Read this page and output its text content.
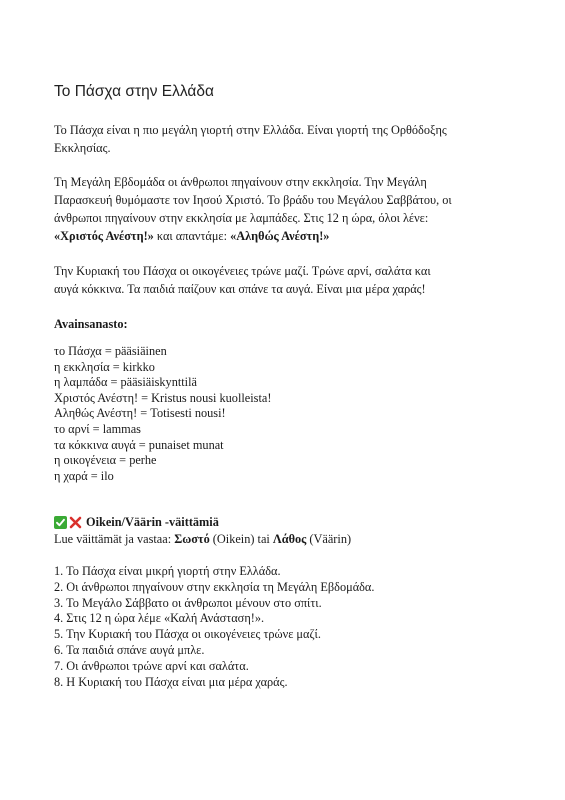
Το Πάσχα στην Ελλάδα

Το Πάσχα είναι η πιο μεγάλη γιορτή στην Ελλάδα. Είναι γιορτή της Ορθόδοξης
Εκκλησίας.

Τη Μεγάλη Εβδομάδα οι άνθρωποι πηγαίνουν στην εκκλησία. Την Μεγάλη
Παρασκευή θυμόμαστε τον Ιησού Χριστό. Το βράδυ του Μεγάλου Σαββάτου, οι
άνθρωποι πηγαίνουν στην εκκλησία με λαμπάδες. Στις 12 η ώρα, όλοι λένε:
«Χριστός Ανέστη!» και απαντάμε: «Αληθώς Ανέστη!»

Την Κυριακή του Πάσχα οι οικογένειες τρώνε μαζί. Τρώνε αρνί, σαλάτα και
αυγά κόκκινα. Τα παιδιά παίζουν και σπάνε τα αυγά. Είναι μια μέρα χαράς!

Avainsanasto:

το Πάσχα = pääsiäinen
η εκκλησία = kirkko
η λαμπάδα = pääsiäiskynttilä
Χριστός Ανέστη! = Kristus nousi kuolleista!
Αληθώς Ανέστη! = Totisesti nousi!
το αρνί = lammas
τα κόκκινα αυγά = punaiset munat
η οικογένεια = perhe
η χαρά = ilo

Oikein/Väärin -väittämiä

Lue väittämät ja vastaa: Σωστό (Oikein) tai Λάθος (Väärin)

1. Το Πάσχα είναι μικρή γιορτή στην Ελλάδα.
2. Οι άνθρωποι πηγαίνουν στην εκκλησία τη Μεγάλη Εβδομάδα.
3. Το Μεγάλο Σάββατο οι άνθρωποι μένουν στο σπίτι.
4. Στις 12 η ώρα λέμε «Καλή Ανάσταση!».
5. Την Κυριακή του Πάσχα οι οικογένειες τρώνε μαζί.
6. Τα παιδιά σπάνε αυγά μπλε.
7. Οι άνθρωποι τρώνε αρνί και σαλάτα.
8. Η Κυριακή του Πάσχα είναι μια μέρα χαράς.
